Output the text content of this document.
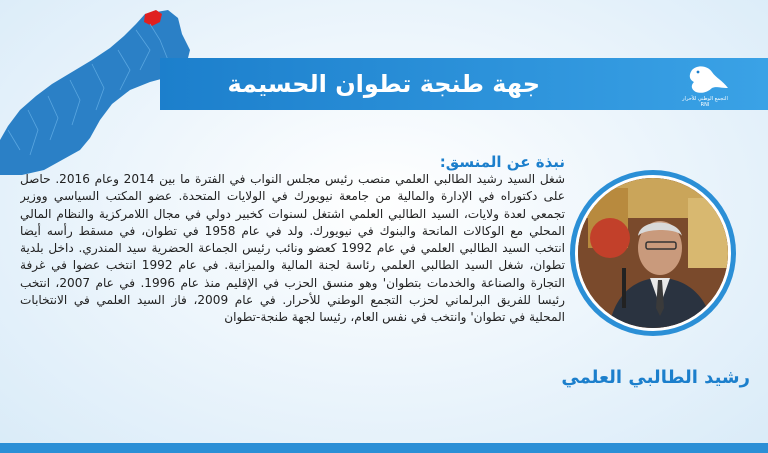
جهة طنجة تطوان الحسيمة
التجمع الوطني للأحرار
RNI
نبذة عن المنسق:
شغل السيد رشيد الطالبي العلمي منصب رئيس مجلس النواب في الفترة ما بين 2014 وعام 2016. حاصل على دكتوراه في الإدارة والمالية من جامعة نيويورك في الولايات المتحدة. عضو المكتب السياسي ووزير تجمعي لعدة ولايات، السيد الطالبي العلمي اشتغل لسنوات كخبير دولي في مجال اللامركزية والنظام المالي المحلي مع الوكالات المانحة والبنوك في نيويورك. ولد في عام 1958 في تطوان، في مسقط رأسه أيضا انتخب السيد الطالبي العلمي في عام 1992 كعضو ونائب رئيس الجماعة الحضرية سيد المندري. داخل بلدية تطوان، شغل السيد الطالبي العلمي رئاسة لجنة المالية والميزانية. في عام 1992 انتخب عضوا في غرفة التجارة والصناعة والخدمات بتطوان' وهو منسق الحزب في الإقليم منذ عام 1996. في عام 2007، انتخب رئيسا للفريق البرلماني لحزب التجمع الوطني للأحرار. في عام 2009، فاز السيد العلمي في الانتخابات المحلية في تطوان' وانتخب في نفس العام، رئيسا لجهة طنجة-تطوان
رشيد الطالبي العلمي
